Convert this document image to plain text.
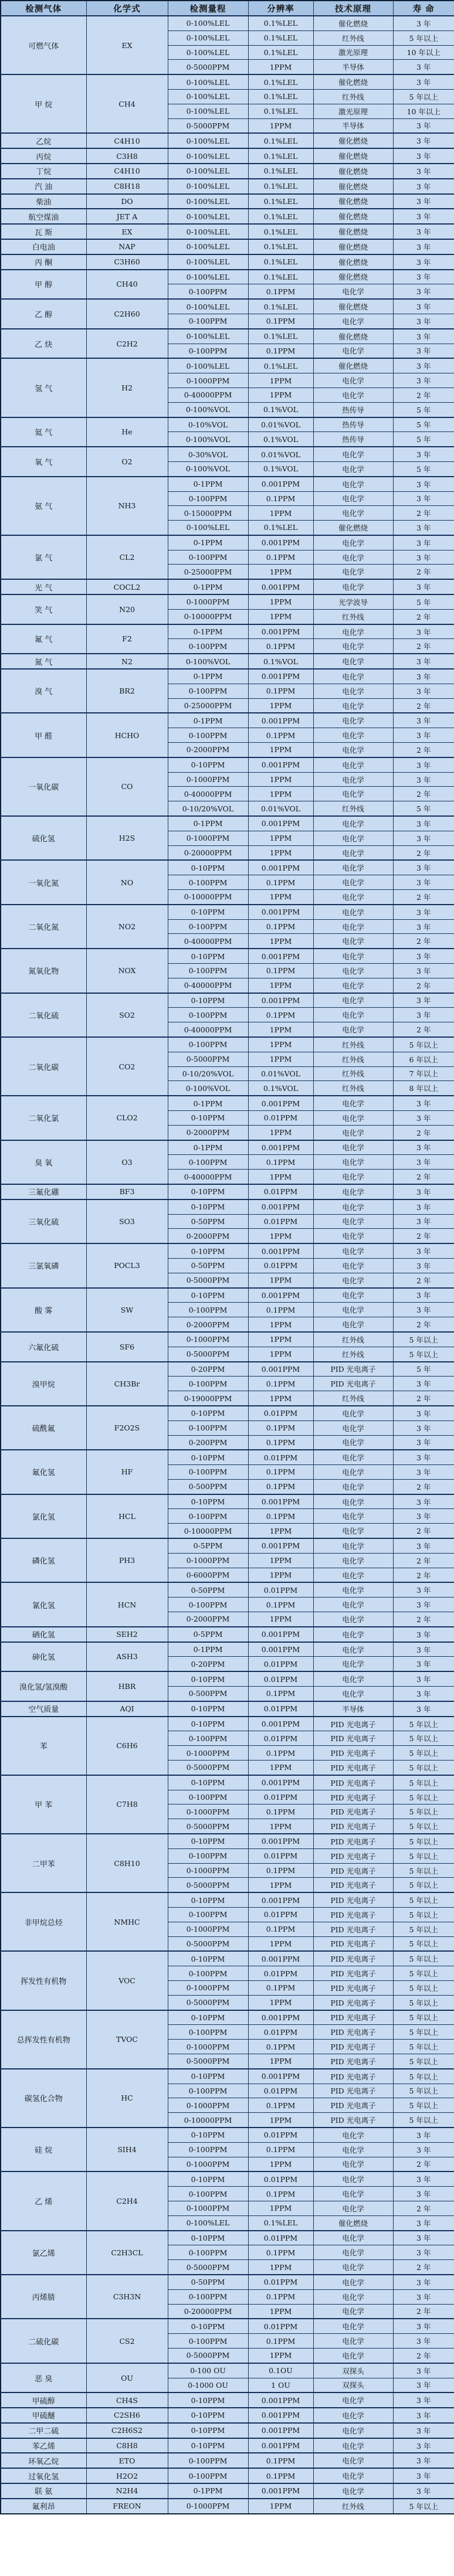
检测气体	化学式	检测量程	分辨率	技术原理	寿 命
可燃气体	EX	0-100%LEL	0.1%LEL	催化燃烧	3 年
		0-100%LEL	0.1%LEL	红外线	5 年以上
		0-100%LEL	0.1%LEL	激光原理	10 年以上
		0-5000PPM	1PPM	半导体	3 年
甲 烷	CH4	0-100%LEL	0.1%LEL	催化燃烧	3 年
		0-100%LEL	0.1%LEL	红外线	5 年以上
		0-100%LEL	0.1%LEL	激光原理	10 年以上
		0-5000PPM	1PPM	半导体	3 年
乙烷	C4H10	0-100%LEL	0.1%LEL	催化燃烧	3 年
丙烷	C3H8	0-100%LEL	0.1%LEL	催化燃烧	3 年
丁烷	C4H10	0-100%LEL	0.1%LEL	催化燃烧	3 年
汽 油	C8H18	0-100%LEL	0.1%LEL	催化燃烧	3 年
柴油	DO	0-100%LEL	0.1%LEL	催化燃烧	3 年
航空煤油	JET A	0-100%LEL	0.1%LEL	催化燃烧	3 年
瓦 斯	EX	0-100%LEL	0.1%LEL	催化燃烧	3 年
白电油	NAP	0-100%LEL	0.1%LEL	催化燃烧	3 年
丙 酮	C3H60	0-100%LEL	0.1%LEL	催化燃烧	3 年
甲 醇	CH40	0-100%LEL	0.1%LEL	催化燃烧	3 年
		0-100PPM	0.1PPM	电化学	3 年
乙 醇	C2H60	0-100%LEL	0.1%LEL	催化燃烧	3 年
		0-100PPM	0.1PPM	电化学	3 年
乙 炔	C2H2	0-100%LEL	0.1%LEL	催化燃烧	3 年
		0-100PPM	0.1PPM	电化学	3 年
氢 气	H2	0-100%LEL	0.1%LEL	催化燃烧	3 年
		0-1000PPM	1PPM	电化学	3 年
		0-40000PPM	1PPM	电化学	2 年
		0-100%VOL	0.1%VOL	热传导	5 年
氦 气	He	0-10%VOL	0.01%VOL	热传导	5 年
		0-100%VOL	0.1%VOL	热传导	5 年
氧 气	O2	0-30%VOL	0.01%VOL	电化学	3 年
		0-100%VOL	0.1%VOL	电化学	5 年
氨 气	NH3	0-1PPM	0.001PPM	电化学	3 年
		0-100PPM	0.1PPM	电化学	3 年
		0-15000PPM	1PPM	电化学	2 年
		0-100%LEL	0.1%LEL	催化燃烧	3 年
氯 气	CL2	0-1PPM	0.001PPM	电化学	3 年
		0-100PPM	0.1PPM	电化学	3 年
		0-25000PPM	1PPM	电化学	2 年
光 气	COCL2	0-1PPM	0.001PPM	电化学	3 年
笑 气	N20	0-1000PPM	1PPM	光学波导	5 年
		0-10000PPM	1PPM	红外线	2 年
氟 气	F2	0-1PPM	0.001PPM	电化学	3 年
		0-100PPM	0.1PPM	电化学	2 年
氮 气	N2	0-100%VOL	0.1%VOL	电化学	3 年
溴 气	BR2	0-1PPM	0.001PPM	电化学	3 年
		0-100PPM	0.1PPM	电化学	3 年
		0-25000PPM	1PPM	电化学	2 年
甲 醛	HCHO	0-1PPM	0.001PPM	电化学	3 年
		0-100PPM	0.1PPM	电化学	3 年
		0-2000PPM	1PPM	电化学	2 年
一氧化碳	CO	0-10PPM	0.001PPM	电化学	3 年
		0-1000PPM	1PPM	电化学	3 年
		0-40000PPM	1PPM	电化学	2 年
		0-10/20%VOL	0.01%VOL	红外线	5 年
硫化氢	H2S	0-1PPM	0.001PPM	电化学	3 年
		0-1000PPM	1PPM	电化学	3 年
		0-20000PPM	1PPM	电化学	2 年
一氧化氮	NO	0-10PPM	0.001PPM	电化学	3 年
		0-100PPM	0.1PPM	电化学	3 年
		0-10000PPM	1PPM	电化学	2 年
二氧化氮	NO2	0-10PPM	0.001PPM	电化学	3 年
		0-100PPM	0.1PPM	电化学	3 年
		0-40000PPM	1PPM	电化学	2 年
氮氧化物	NOX	0-10PPM	0.001PPM	电化学	3 年
		0-100PPM	0.1PPM	电化学	3 年
		0-40000PPM	1PPM	电化学	2 年
二氧化硫	SO2	0-10PPM	0.001PPM	电化学	3 年
		0-100PPM	0.1PPM	电化学	3 年
		0-40000PPM	1PPM	电化学	2 年
二氧化碳	CO2	0-100PPM	1PPM	红外线	5 年以上
		0-5000PPM	1PPM	红外线	6 年以上
		0-10/20%VOL	0.01%VOL	红外线	7 年以上
		0-100%VOL	0.1%VOL	红外线	8 年以上
二氧化氯	CLO2	0-1PPM	0.001PPM	电化学	3 年
		0-10PPM	0.01PPM	电化学	3 年
		0-2000PPM	1PPM	电化学	2 年
臭 氧	O3	0-1PPM	0.001PPM	电化学	3 年
		0-100PPM	0.1PPM	电化学	3 年
		0-40000PPM	1PPM	电化学	2 年
三氟化硼	BF3	0-10PPM	0.01PPM	电化学	3 年
三氧化硫	SO3	0-10PPM	0.001PPM	电化学	3 年
		0-50PPM	0.01PPM	电化学	3 年
		0-2000PPM	1PPM	电化学	2 年
三氯氧磷	POCL3	0-10PPM	0.001PPM	电化学	3 年
		0-50PPM	0.01PPM	电化学	3 年
		0-5000PPM	1PPM	电化学	2 年
酸 雾	SW	0-10PPM	0.001PPM	电化学	3 年
		0-100PPM	0.1PPM	电化学	3 年
		0-2000PPM	1PPM	电化学	2 年
六氟化硫	SF6	0-1000PPM	1PPM	红外线	5 年以上
		0-5000PPM	1PPM	红外线	5 年以上
溴甲烷	CH3Br	0-20PPM	0.001PPM	PID 光电离子	5 年
		0-100PPM	0.1PPM	PID 光电离子	3 年
		0-19000PPM	1PPM	红外线	2 年
硫酰氟	F2O2S	0-10PPM	0.01PPM	电化学	3 年
		0-100PPM	0.1PPM	电化学	3 年
		0-200PPM	0.1PPM	电化学	3 年
氟化氢	HF	0-10PPM	0.01PPM	电化学	3 年
		0-100PPM	0.1PPM	电化学	3 年
		0-500PPM	0.1PPM	电化学	2 年
氯化氢	HCL	0-10PPM	0.001PPM	电化学	3 年
		0-100PPM	0.1PPM	电化学	3 年
		0-10000PPM	1PPM	电化学	2 年
磷化氢	PH3	0-5PPM	0.001PPM	电化学	3 年
		0-1000PPM	1PPM	电化学	2 年
		0-6000PPM	1PPM	电化学	2 年
氰化氢	HCN	0-50PPM	0.01PPM	电化学	3 年
		0-100PPM	0.1PPM	电化学	3 年
		0-2000PPM	1PPM	电化学	2 年
硒化氢	SEH2	0-5PPM	0.001PPM	电化学	3 年
砷化氢	ASH3	0-1PPM	0.001PPM	电化学	3 年
		0-20PPM	0.01PPM	电化学	3 年
溴化氢/氢溴酸	HBR	0-10PPM	0.01PPM	电化学	3 年
		0-500PPM	0.1PPM	电化学	3 年
空气质量	AQI	0-10PPM	0.01PPM	半导体	3 年
苯	C6H6	0-10PPM	0.001PPM	PID 光电离子	5 年以上
		0-100PPM	0.01PPM	PID 光电离子	5 年以上
		0-1000PPM	0.1PPM	PID 光电离子	5 年以上
		0-5000PPM	1PPM	PID 光电离子	5 年以上
甲 苯	C7H8	0-10PPM	0.001PPM	PID 光电离子	5 年以上
		0-100PPM	0.01PPM	PID 光电离子	5 年以上
		0-1000PPM	0.1PPM	PID 光电离子	5 年以上
		0-5000PPM	1PPM	PID 光电离子	5 年以上
二甲苯	C8H10	0-10PPM	0.001PPM	PID 光电离子	5 年以上
		0-100PPM	0.01PPM	PID 光电离子	5 年以上
		0-1000PPM	0.1PPM	PID 光电离子	5 年以上
		0-5000PPM	1PPM	PID 光电离子	5 年以上
非甲烷总烃	NMHC	0-10PPM	0.001PPM	PID 光电离子	5 年以上
		0-100PPM	0.01PPM	PID 光电离子	5 年以上
		0-1000PPM	0.1PPM	PID 光电离子	5 年以上
		0-5000PPM	1PPM	PID 光电离子	5 年以上
挥发性有机物	VOC	0-10PPM	0.001PPM	PID 光电离子	5 年以上
		0-100PPM	0.01PPM	PID 光电离子	5 年以上
		0-1000PPM	0.1PPM	PID 光电离子	5 年以上
		0-5000PPM	1PPM	PID 光电离子	5 年以上
总挥发性有机物	TVOC	0-10PPM	0.001PPM	PID 光电离子	5 年以上
		0-100PPM	0.01PPM	PID 光电离子	5 年以上
		0-1000PPM	0.1PPM	PID 光电离子	5 年以上
		0-5000PPM	1PPM	PID 光电离子	5 年以上
碳氢化合物	HC	0-10PPM	0.001PPM	PID 光电离子	5 年以上
		0-100PPM	0.01PPM	PID 光电离子	5 年以上
		0-1000PPM	0.1PPM	PID 光电离子	5 年以上
		0-10000PPM	1PPM	PID 光电离子	5 年以上
硅 烷	SIH4	0-10PPM	0.01PPM	电化学	3 年
		0-100PPM	0.1PPM	电化学	3 年
		0-1000PPM	1PPM	电化学	2 年
乙 烯	C2H4	0-10PPM	0.01PPM	电化学	3 年
		0-100PPM	0.1PPM	电化学	3 年
		0-1000PPM	1PPM	电化学	2 年
		0-100%LEL	0.1%LEL	催化燃烧	3 年
氯乙烯	C2H3CL	0-10PPM	0.01PPM	电化学	3 年
		0-100PPM	0.1PPM	电化学	3 年
		0-5000PPM	1PPM	电化学	2 年
丙烯腈	C3H3N	0-50PPM	0.01PPM	电化学	3 年
		0-100PPM	0.1PPM	电化学	3 年
		0-20000PPM	1PPM	电化学	2 年
二硫化碳	CS2	0-10PPM	0.01PPM	电化学	3 年
		0-100PPM	0.1PPM	电化学	3 年
		0-5000PPM	1PPM	电化学	2 年
恶 臭	OU	0-100 OU	0.1OU	双探头	3 年
		0-1000 OU	1 OU	双探头	3 年
甲硫醇	CH4S	0-10PPM	0.001PPM	电化学	3 年
甲硫醚	C2SH6	0-10PPM	0.001PPM	电化学	3 年
二甲二硫	C2H6S2	0-10PPM	0.001PPM	电化学	3 年
苯乙烯	C8H8	0-10PPM	0.001PPM	电化学	3 年
环氧乙烷	ETO	0-100PPM	0.1PPM	电化学	3 年
过氧化氢	H2O2	0-100PPM	0.1PPM	电化学	3 年
联 氨	N2H4	0-1PPM	0.001PPM	电化学	3 年
氟利昂	FREON	0-1000PPM	1PPM	红外线	5 年以上
